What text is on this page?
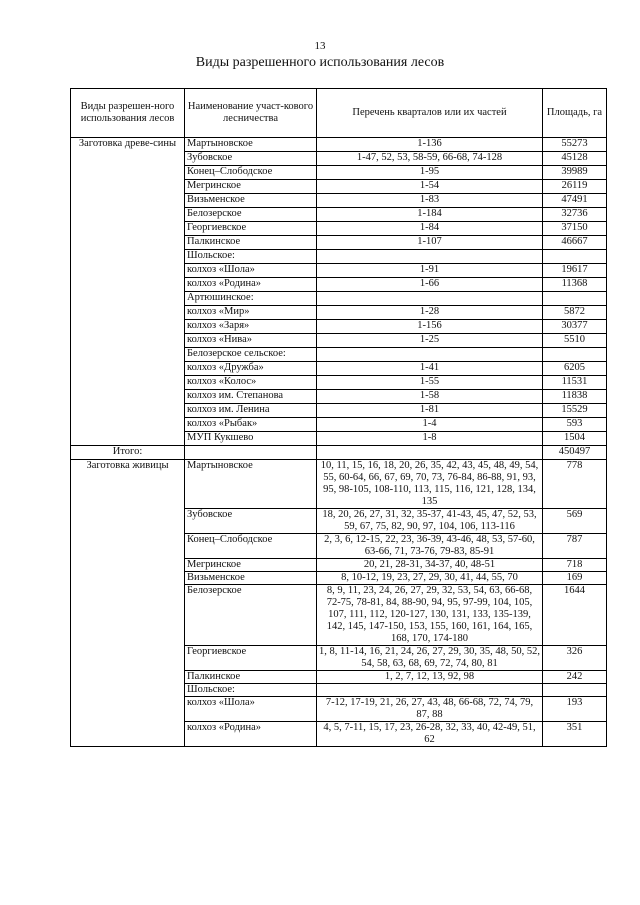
13
Виды разрешенного использования лесов
Виды разрешен-ного использования лесов	Наименование участ-кового лесничества	Перечень кварталов или их частей	Площадь, га
Заготовка древе-сины	Мартыновское	1-136	55273
	Зубовское	1-47, 52, 53, 58-59, 66-68, 74-128	45128
	Конец–Слободское	1-95	39989
	Мегринское	1-54	26119
	Визьменское	1-83	47491
	Белозерское	1-184	32736
	Георгиевское	1-84	37150
	Палкинское	1-107	46667
	Шольское:		
	колхоз «Шола»	1-91	19617
	колхоз «Родина»	1-66	11368
	Артюшинское:		
	колхоз «Мир»	1-28	5872
	колхоз «Заря»	1-156	30377
	колхоз «Нива»	1-25	5510
	Белозерское сельское:		
	колхоз «Дружба»	1-41	6205
	колхоз «Колос»	1-55	11531
	колхоз им. Степанова	1-58	11838
	колхоз им. Ленина	1-81	15529
	колхоз «Рыбак»	1-4	593
	МУП Кукшево	1-8	1504
Итого:			450497
Заготовка живицы	Мартыновское	10, 11, 15, 16, 18, 20, 26, 35, 42, 43, 45, 48, 49, 54, 55, 60-64, 66, 67, 69, 70, 73, 76-84, 86-88, 91, 93, 95, 98-105, 108-110, 113, 115, 116, 121, 128, 134, 135	778
	Зубовское	18, 20, 26, 27, 31, 32, 35-37, 41-43, 45, 47, 52, 53, 59, 67, 75, 82, 90, 97, 104, 106, 113-116	569
	Конец–Слободское	2, 3, 6, 12-15, 22, 23, 36-39, 43-46, 48, 53, 57-60, 63-66, 71, 73-76, 79-83, 85-91	787
	Мегринское	20, 21, 28-31, 34-37, 40, 48-51	718
	Визьменское	8, 10-12, 19, 23, 27, 29, 30, 41, 44, 55, 70	169
	Белозерское	8, 9, 11, 23, 24, 26, 27, 29, 32, 53, 54, 63, 66-68, 72-75, 78-81, 84, 88-90, 94, 95, 97-99, 104, 105, 107, 111, 112, 120-127, 130, 131, 133, 135-139, 142, 145, 147-150, 153, 155, 160, 161, 164, 165, 168, 170, 174-180	1644
	Георгиевское	1, 8, 11-14, 16, 21, 24, 26, 27, 29, 30, 35, 48, 50, 52, 54, 58, 63, 68, 69, 72, 74, 80, 81	326
	Палкинское	1, 2, 7, 12, 13, 92, 98	242
	Шольское:		
	колхоз «Шола»	7-12, 17-19, 21, 26, 27, 43, 48, 66-68, 72, 74, 79, 87, 88	193
	колхоз «Родина»	4, 5, 7-11, 15, 17, 23, 26-28, 32, 33, 40, 42-49, 51, 62	351
